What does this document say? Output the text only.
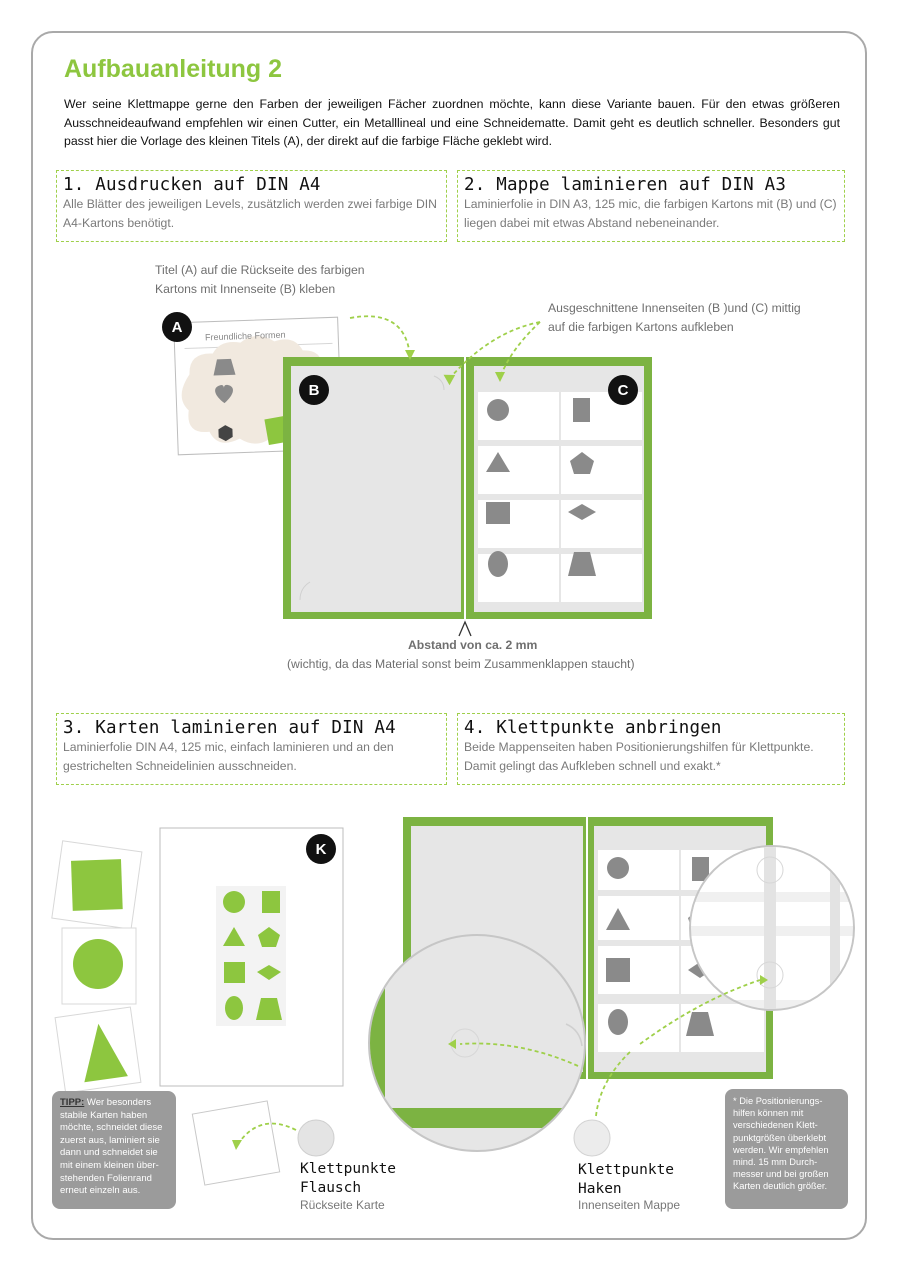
Aufbauanleitung 2
Wer seine Klettmappe gerne den Farben der jeweiligen Fächer zuordnen möchte, kann diese Variante bauen. Für den etwas größeren Ausschneideaufwand empfehlen wir einen Cutter, ein Metalllineal und eine Schneidematte. Damit geht es deutlich schneller. Besonders gut passt hier die Vorlage des kleinen Titels (A), der direkt auf die farbige Fläche geklebt wird.
1. Ausdrucken auf DIN A4
Alle Blätter des jeweiligen Levels, zusätzlich werden zwei farbige DIN A4-Kartons benötigt.
2. Mappe laminieren auf DIN A3
Laminierfolie in DIN A3, 125 mic, die farbigen Kartons mit (B) und (C) liegen dabei mit etwas Abstand nebeneinander.
3. Karten laminieren auf DIN A4
Laminierfolie DIN A4, 125 mic, einfach laminieren und an den gestrichelten Schneidelinien ausschneiden.
4. Klettpunkte anbringen
Beide Mappenseiten haben Positionierungshilfen für Klettpunkte. Damit gelingt das Aufkleben schnell und exakt.*
Titel (A) auf die Rückseite des farbigen Kartons mit Innenseite (B) kleben
Ausgeschnittene Innenseiten (B )und (C) mittig auf die farbigen Kartons aufkleben
Abstand von ca. 2 mm
(wichtig, da das Material sonst beim Zusammenklappen staucht)
Freundliche Formen
A
B	C
K
TIPP: Wer besonders stabile Karten haben möchte, schneidet diese zuerst aus, laminiert sie dann und schneidet sie mit einem kleinen überstehenden Folienrand erneut einzeln aus.
* Die Positionierungshilfen können mit verschiedenen Klettpunktgrößen überklebt werden. Wir empfehlen mind. 15 mm Durchmesser und bei großen Karten deutlich größer.
Klettpunkte Flausch
Rückseite Karte
Klettpunkte Haken
Innenseiten Mappe
